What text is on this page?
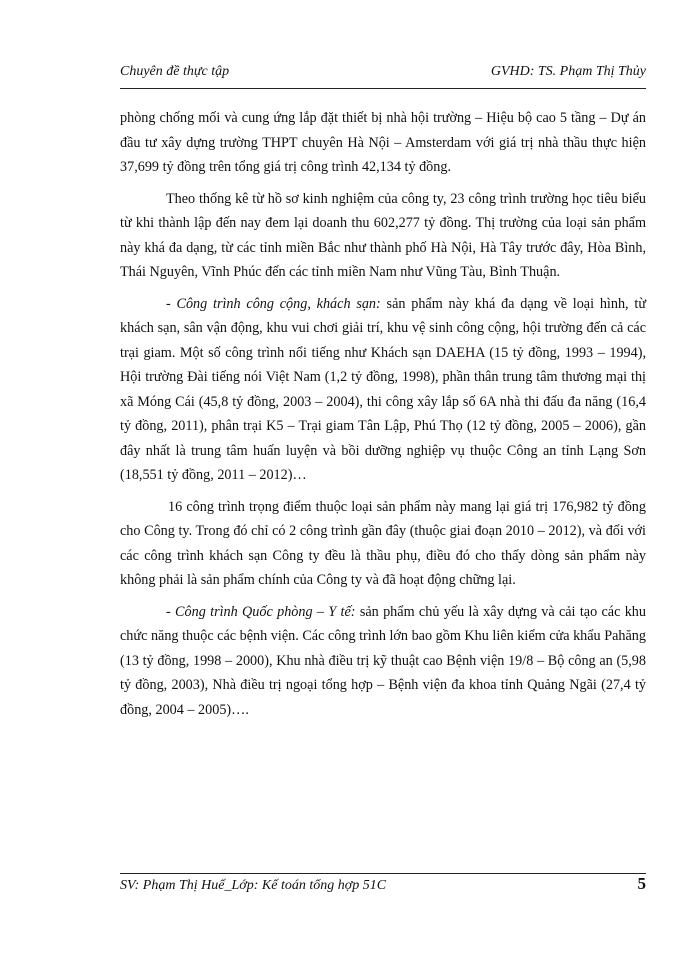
Chuyên đề thực tập	GVHD: TS. Phạm Thị Thủy

phòng chống mối và cung ứng lắp đặt thiết bị nhà hội trường – Hiệu bộ cao 5 tầng – Dự án đầu tư xây dựng trường THPT chuyên Hà Nội – Amsterdam với giá trị nhà thầu thực hiện 37,699 tỷ đồng trên tổng giá trị công trình 42,134 tỷ đồng.

Theo thống kê từ hồ sơ kinh nghiệm của công ty, 23 công trình trường học tiêu biểu từ khi thành lập đến nay đem lại doanh thu 602,277 tỷ đồng. Thị trường của loại sản phẩm này khá đa dạng, từ các tỉnh miền Bắc như thành phố Hà Nội, Hà Tây trước đây, Hòa Bình, Thái Nguyên, Vĩnh Phúc đến các tỉnh miền Nam như Vũng Tàu, Bình Thuận.

- Công trình công cộng, khách sạn: sản phẩm này khá đa dạng về loại hình, từ khách sạn, sân vận động, khu vui chơi giải trí, khu vệ sinh công cộng, hội trường đến cả các trại giam. Một số công trình nổi tiếng như Khách sạn DAEHA (15 tỷ đồng, 1993 – 1994), Hội trường Đài tiếng nói Việt Nam (1,2 tỷ đồng, 1998), phần thân trung tâm thương mại thị xã Móng Cái (45,8 tỷ đồng, 2003 – 2004), thi công xây lắp số 6A nhà thi đấu đa năng (16,4 tỷ đồng, 2011), phân trại K5 – Trại giam Tân Lập, Phú Thọ (12 tỷ đồng, 2005 – 2006), gần đây nhất là trung tâm huấn luyện và bồi dưỡng nghiệp vụ thuộc Công an tỉnh Lạng Sơn (18,551 tỷ đồng, 2011 – 2012)…

16 công trình trọng điểm thuộc loại sản phẩm này mang lại giá trị 176,982 tỷ đồng cho Công ty. Trong đó chỉ có 2 công trình gần đây (thuộc giai đoạn 2010 – 2012), và đối với các công trình khách sạn Công ty đều là thầu phụ, điều đó cho thấy dòng sản phẩm này không phải là sản phẩm chính của Công ty và đã hoạt động chững lại.

- Công trình Quốc phòng – Y tế: sản phẩm chủ yếu là xây dựng và cải tạo các khu chức năng thuộc các bệnh viện. Các công trình lớn bao gồm Khu liên kiểm cửa khẩu Pahăng (13 tỷ đồng, 1998 – 2000), Khu nhà điều trị kỹ thuật cao Bệnh viện 19/8 – Bộ công an (5,98 tỷ đồng, 2003), Nhà điều trị ngoại tổng hợp – Bệnh viện đa khoa tỉnh Quảng Ngãi (27,4 tỷ đồng, 2004 – 2005)….

SV: Phạm Thị Huế_Lớp: Kế toán tổng hợp 51C	5
